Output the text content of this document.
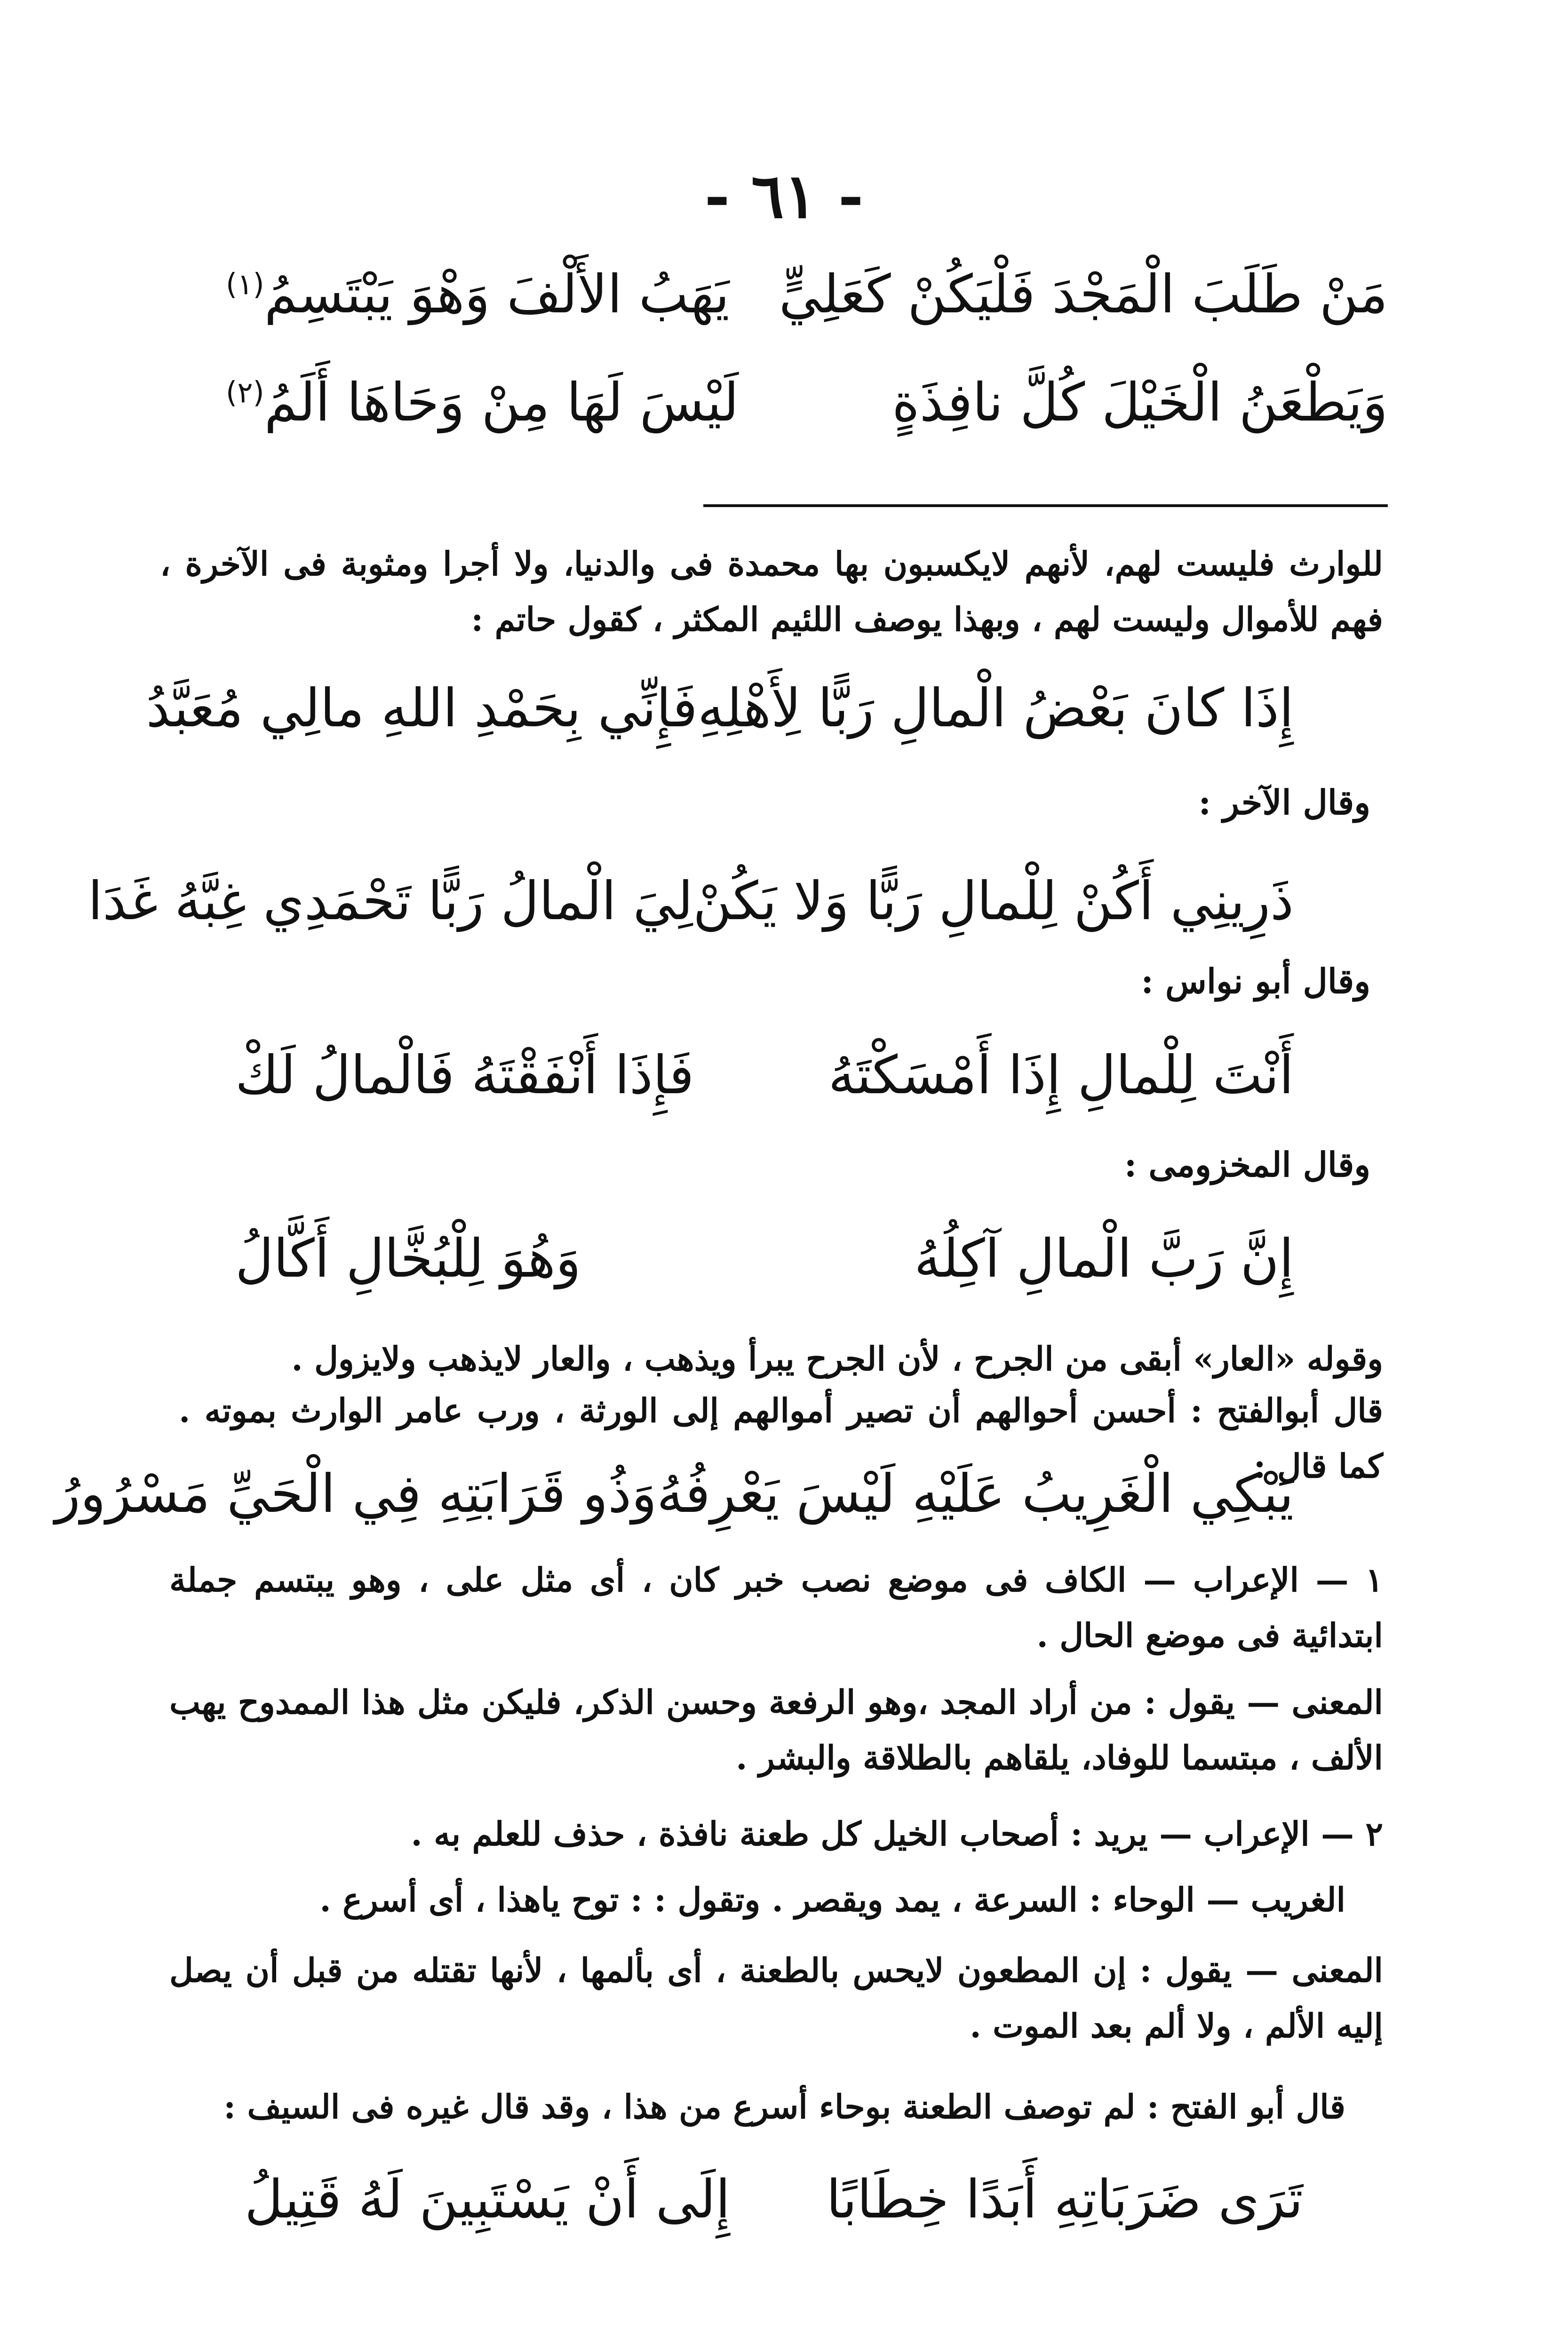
- ٦١ -
مَنْ طَلَبَ الْمَجْدَ فَلْيَكُنْ كَعَلِيٍّ
يَهَبُ الأَلْفَ وَهْوَ يَبْتَسِمُ$^{(١)}$
وَيَطْعَنُ الْخَيْلَ كُلَّ نافِذَةٍ
لَيْسَ لَهَا مِنْ وَحَاهَا أَلَمُ$^{(٢)}$
للوارث فليست لهم، لأنهم لايكسبون بها محمدة فى والدنيا، ولا أجرا ومثوبة فى الآخرة ، فهم للأموال وليست لهم ، وبهذا يوصف اللئيم المكثر ، كقول حاتم :
إِذَا كانَ بَعْضُ الْمالِ رَبًّا لِأَهْلِهِ
فَإِنِّي بِحَمْدِ اللهِ مالِي مُعَبَّدُ
وقال الآخر :
ذَرِينِي أَكُنْ لِلْمالِ رَبًّا وَلا يَكُنْ
لِيَ الْمالُ رَبًّا تَحْمَدِي غِبَّهُ غَدَا
وقال أبو نواس :
أَنْتَ لِلْمالِ إِذَا أَمْسَكْتَهُ
فَإِذَا أَنْفَقْتَهُ فَالْمالُ لَكْ
وقال المخزومى :
إِنَّ رَبَّ الْمالِ آكِلُهُ
وَهُوَ لِلْبُخَّالِ أَكَّالُ
وقوله «العار» أبقى من الجرح ، لأن الجرح يبرأ ويذهب ، والعار لايذهب ولايزول .
قال أبوالفتح : أحسن أحوالهم أن تصير أموالهم إلى الورثة ، ورب عامر الوارث بموته . كما قال :
يَبْكِي الْغَرِيبُ عَلَيْهِ لَيْسَ يَعْرِفُهُ
وَذُو قَرَابَتِهِ فِي الْحَيِّ مَسْرُورُ
١ — الإعراب — الكاف فى موضع نصب خبر كان ، أى مثل على ، وهو يبتسم جملة ابتدائية فى موضع الحال .
المعنى — يقول : من أراد المجد ،وهو الرفعة وحسن الذكر، فليكن مثل هذا الممدوح يهب الألف ، مبتسما للوفاد، يلقاهم بالطلاقة والبشر .
٢ — الإعراب — يريد : أصحاب الخيل كل طعنة نافذة ، حذف للعلم به .
الغريب — الوحاء : السرعة ، يمد ويقصر . وتقول : : توح ياهذا ، أى أسرع .
المعنى — يقول : إن المطعون لايحس بالطعنة ، أى بألمها ، لأنها تقتله من قبل أن يصل إليه الألم ، ولا ألم بعد الموت .
قال أبو الفتح : لم توصف الطعنة بوحاء أسرع من هذا ، وقد قال غيره فى السيف :
تَرَى ضَرَبَاتِهِ أَبَدًا خِطَابًا
إِلَى أَنْ يَسْتَبِينَ لَهُ قَتِيلُ
